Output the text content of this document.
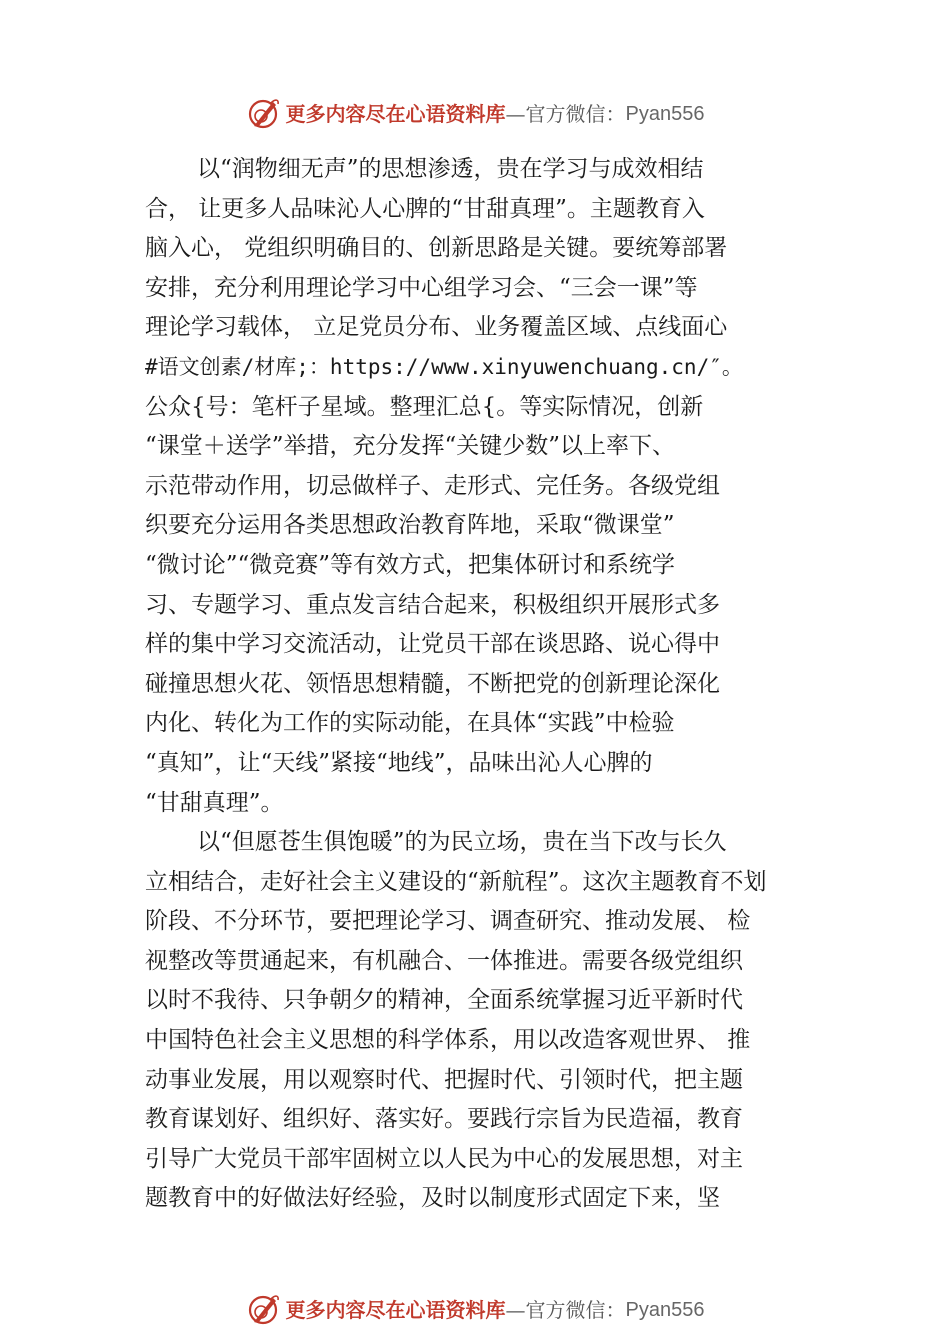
更多内容尽在心语资料库 — 官方微信： Pyan556
以“润物细无声”的思想渗透，贵在学习与成效相结
合， 让更多人品味沁人心脾的“甘甜真理”。主题教育入
脑入心， 党组织明确目的、创新思路是关键。要统筹部署
安排，充分利用理论学习中心组学习会、“三会一课”等
理论学习载体， 立足党员分布、业务覆盖区域、点线面心
#语文创素/材库;：https://www.xinyuwenchuang.cn/″。
公众{号：笔杆子星域。整理汇总{。等实际情况，创新
“课堂＋送学”举措，充分发挥“关键少数”以上率下、
示范带动作用，切忌做样子、走形式、完任务。各级党组
织要充分运用各类思想政治教育阵地，采取“微课堂”
“微讨论”“微竞赛”等有效方式，把集体研讨和系统学
习、专题学习、重点发言结合起来，积极组织开展形式多
样的集中学习交流活动，让党员干部在谈思路、说心得中
碰撞思想火花、领悟思想精髓，不断把党的创新理论深化
内化、转化为工作的实际动能，在具体“实践”中检验
“真知”，让“天线”紧接“地线”，品味出沁人心脾的
“甘甜真理”。
以“但愿苍生俱饱暖”的为民立场，贵在当下改与长久
立相结合，走好社会主义建设的“新航程”。这次主题教育不划
阶段、不分环节，要把理论学习、调查研究、推动发展、 检
视整改等贯通起来，有机融合、一体推进。需要各级党组织
以时不我待、只争朝夕的精神，全面系统掌握习近平新时代
中国特色社会主义思想的科学体系，用以改造客观世界、 推
动事业发展，用以观察时代、把握时代、引领时代，把主题
教育谋划好、组织好、落实好。要践行宗旨为民造福，教育
引导广大党员干部牢固树立以人民为中心的发展思想，对主
题教育中的好做法好经验，及时以制度形式固定下来，坚
更多内容尽在心语资料库 — 官方微信： Pyan556
